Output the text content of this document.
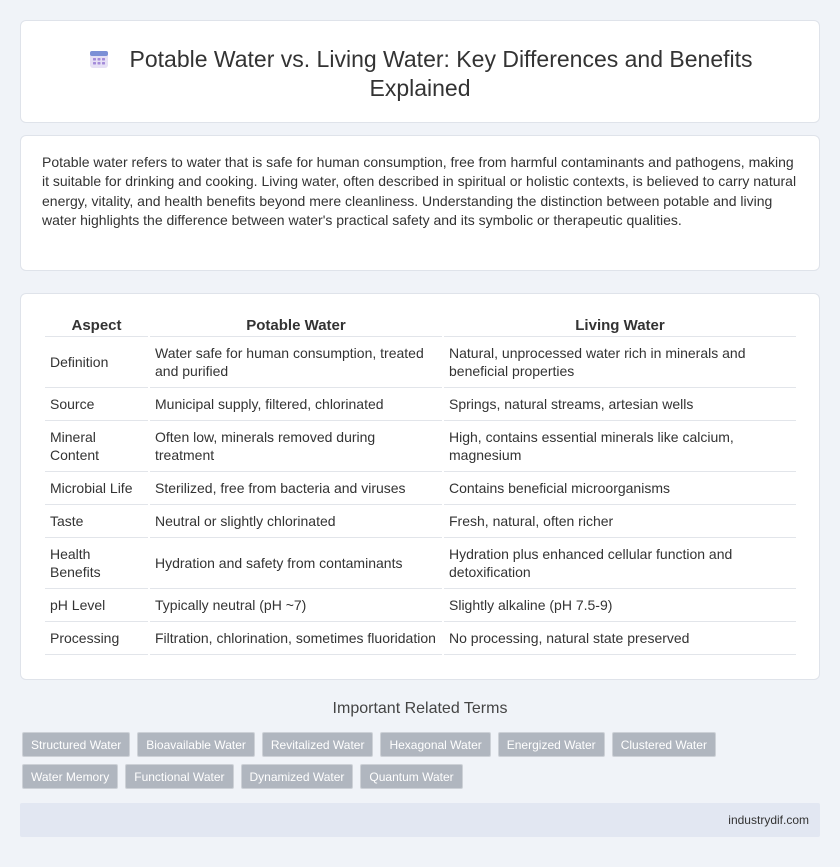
Potable Water vs. Living Water: Key Differences and Benefits Explained

Potable water refers to water that is safe for human consumption, free from harmful contaminants and pathogens, making it suitable for drinking and cooking. Living water, often described in spiritual or holistic contexts, is believed to carry natural energy, vitality, and health benefits beyond mere cleanliness. Understanding the distinction between potable and living water highlights the difference between water's practical safety and its symbolic or therapeutic qualities.

Aspect	Potable Water	Living Water
Definition	Water safe for human consumption, treated and purified	Natural, unprocessed water rich in minerals and beneficial properties
Source	Municipal supply, filtered, chlorinated	Springs, natural streams, artesian wells
Mineral Content	Often low, minerals removed during treatment	High, contains essential minerals like calcium, magnesium
Microbial Life	Sterilized, free from bacteria and viruses	Contains beneficial microorganisms
Taste	Neutral or slightly chlorinated	Fresh, natural, often richer
Health Benefits	Hydration and safety from contaminants	Hydration plus enhanced cellular function and detoxification
pH Level	Typically neutral (pH ~7)	Slightly alkaline (pH 7.5-9)
Processing	Filtration, chlorination, sometimes fluoridation	No processing, natural state preserved
Important Related Terms
Structured Water	Bioavailable Water	Revitalized Water	Hexagonal Water	Energized Water	Clustered Water
Water Memory	Functional Water	Dynamized Water	Quantum Water
industrydif.com
